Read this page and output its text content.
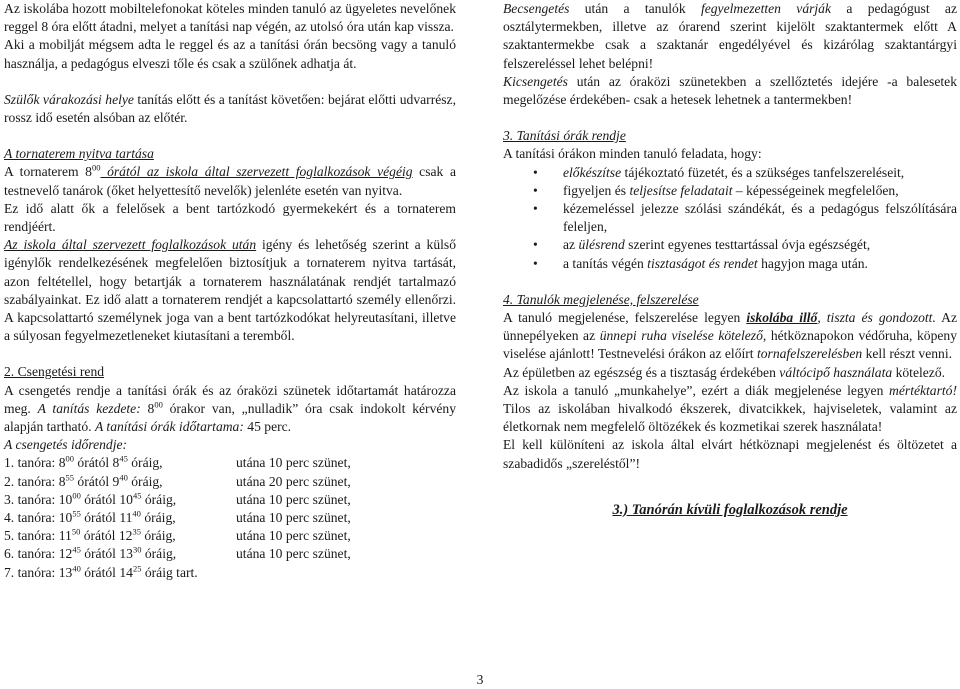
Az iskolába hozott mobiltelefonokat köteles minden tanuló az ügyeletes nevelőnek reggel 8 óra előtt átadni, melyet a tanítási nap végén, az utolsó óra után kap vissza.

Aki a mobilját mégsem adta le reggel és az a tanítási órán becsöng vagy a tanuló használja, a pedagógus elveszi tőle és csak a szülőnek adhatja át.

Szülők várakozási helye tanítás előtt és a tanítást követően: bejárat előtti udvarrész, rossz idő esetén alsóban az előtér.

A tornaterem nyitva tartása

A tornaterem $8^{00}$ órától az iskola által szervezett foglalkozások végéig csak a testnevelő tanárok (őket helyettesítő nevelők) jelenléte esetén van nyitva.

Ez idő alatt ők a felelősek a bent tartózkodó gyermekekért és a tornaterem rendjéért.

Az iskola által szervezett foglalkozások után igény és lehetőség szerint a külső igénylők rendelkezésének megfelelően biztosítjuk a tornaterem nyitva tartását, azon feltétellel, hogy betartják a tornaterem használatának rendjét tartalmazó szabályainkat. Ez idő alatt a tornaterem rendjét a kapcsolattartó személy ellenőrzi. A kapcsolattartó személynek joga van a bent tartózkodókat helyreutasítani, illetve a súlyosan fegyelmezetleneket kiutasítani a teremből.

2. Csengetési rend

A csengetés rendje a tanítási órák és az óraközi szünetek időtartamát határozza meg. A tanítás kezdete: $8^{00}$ órakor van, „nulladik” óra csak indokolt kérvény alapján tartható. A tanítási órák időtartama: 45 perc.

A csengetés időrendje:

1. tanóra: $8^{00}$ órától $8^{45}$ óráig,	utána 10 perc szünet,
2. tanóra: $8^{55}$ órától $9^{40}$ óráig,	utána 20 perc szünet,
3. tanóra: $10^{00}$ órától $10^{45}$ óráig,	utána 10 perc szünet,
4. tanóra: $10^{55}$ órától $11^{40}$ óráig,	utána 10 perc szünet,
5. tanóra: $11^{50}$ órától $12^{35}$ óráig,	utána 10 perc szünet,
6. tanóra: $12^{45}$ órától $13^{30}$ óráig,	utána 10 perc szünet,
7. tanóra: $13^{40}$ órától $14^{25}$ óráig tart.

Becsengetés után a tanulók fegyelmezetten várják a pedagógust az osztálytermekben, illetve az órarend szerint kijelölt szaktantermek előtt A szaktantermekbe csak a szaktanár engedélyével és kizárólag szaktantárgyi felszereléssel lehet belépni!

Kicsengetés után az óraközi szünetekben a szellőztetés idejére -a balesetek megelőzése érdekében- csak a hetesek lehetnek a tantermekben!

3. Tanítási órák rendje

A tanítási órákon minden tanuló feladata, hogy:

• előkészítse tájékoztató füzetét, és a szükséges tanfelszereléseit,
• figyeljen és teljesítse feladatait – képességeinek megfelelően,
• kézemeléssel jelezze szólási szándékát, és a pedagógus felszólítására feleljen,
• az ülésrend szerint egyenes testtartással óvja egészségét,
• a tanítás végén tisztaságot és rendet hagyjon maga után.

4. Tanulók megjelenése, felszerelése

A tanuló megjelenése, felszerelése legyen iskolába illő, tiszta és gondozott. Az ünnepélyeken az ünnepi ruha viselése kötelező, hétköznapokon védőruha, köpeny viselése ajánlott! Testnevelési órákon az előírt tornafelszerelésben kell részt venni.

Az épületben az egészség és a tisztaság érdekében váltócipő használata kötelező.

Az iskola a tanuló „munkahelye”, ezért a diák megjelenése legyen mértéktartó! Tilos az iskolában hivalkodó ékszerek, divatcikkek, hajviseletek, valamint az életkornak nem megfelelő öltözékek és kozmetikai szerek használata!

El kell különíteni az iskola által elvárt hétköznapi megjelenést és öltözetet a szabadidős „szereléstől”!

3.) Tanórán kívüli foglalkozások rendje

3
